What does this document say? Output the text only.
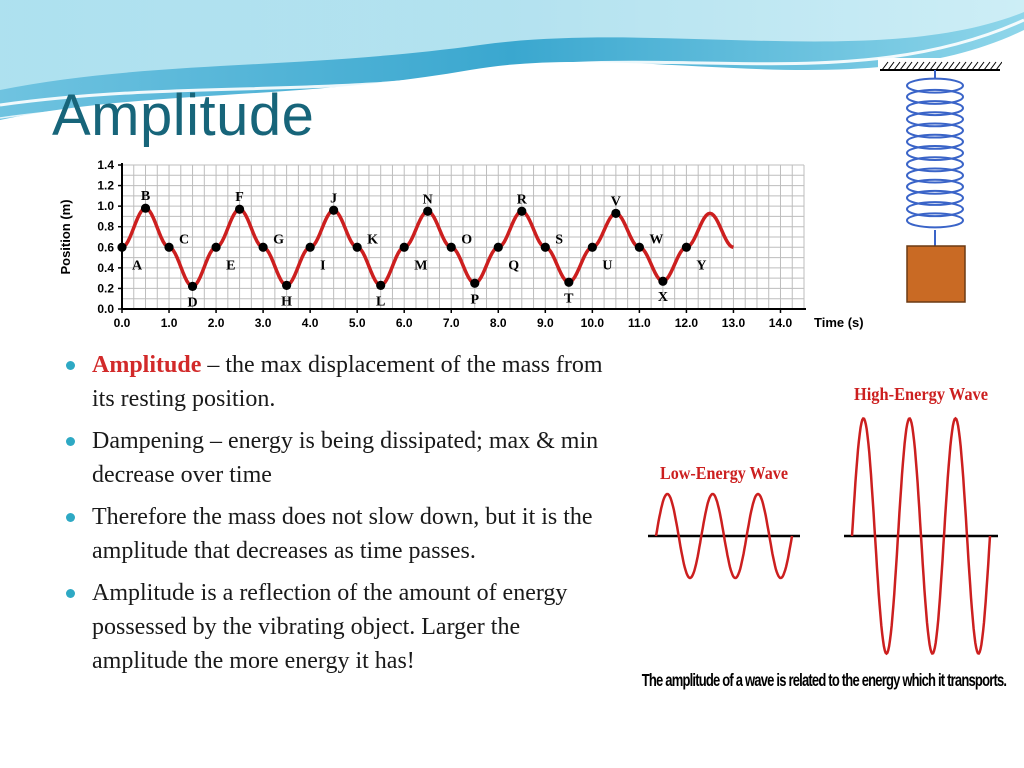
Amplitude
0.0
0.2
0.4
0.6
0.8
1.0
1.2
1.4
0.0	1.0	2.0	3.0	4.0	5.0	6.0	7.0	8.0	9.0 10.0 11.0 12.0 13.0 14.0 Time (s)
Position (m)	A
B
C
D
E
F
G
H
I
J
K
L
M
N
O
P
Q
R
S
T
U
V
W
X
Y
Amplitude – the max displacement of the mass from its resting position.
Dampening – energy is being dissipated; max & min decrease over time
Therefore the mass does not slow down, but it is the amplitude that decreases as time passes.
Amplitude is a reflection of the amount of energy possessed by the vibrating object. Larger the amplitude the more energy it has!
Low-Energy Wave
High-Energy Wave
The amplitude of a wave is related to the energy which it transports.
